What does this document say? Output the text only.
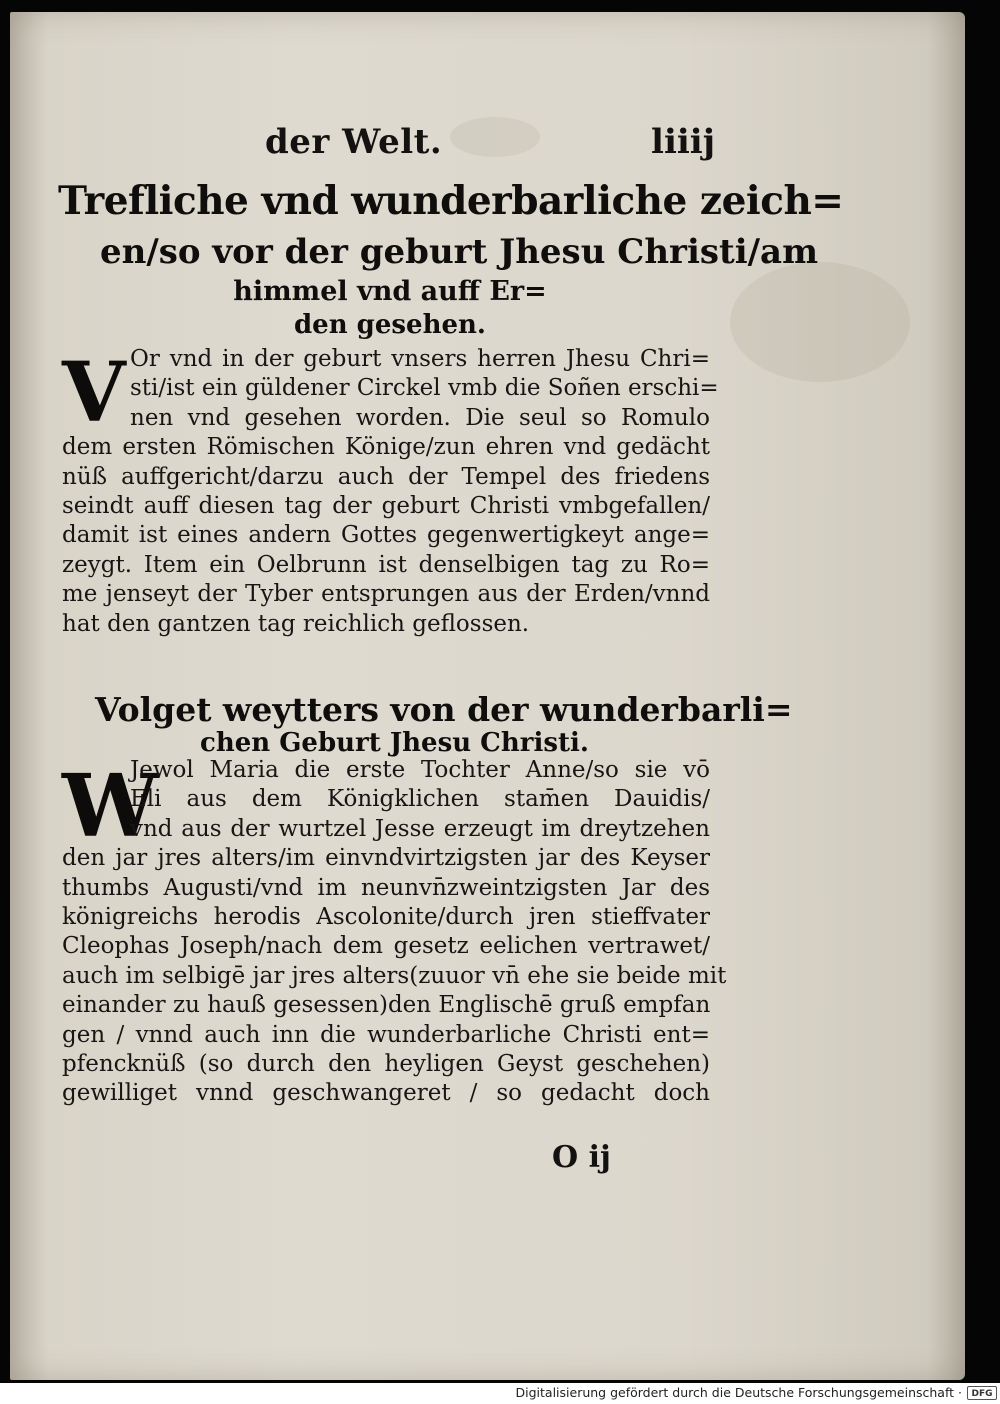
der Welt.	liiij
Trefliche vnd wunderbarliche zeich=
en/so vor der geburt Jhesu Christi/am
himmel vnd auff Er=
den gesehen.
V Or vnd in der geburt vnsers herren Jhesu Chri=
sti/ist ein güldener Circkel vmb die Soñen erschi=
nen vnd gesehen worden. Die seul so Romulo
dem ersten Römischen Könige/zun ehren vnd gedächt
nüß auffgericht/darzu auch der Tempel des friedens
seindt auff diesen tag der geburt Christi vmbgefallen/
damit ist eines andern Gottes gegenwertigkeyt ange=
zeygt. Item ein Oelbrunn ist denselbigen tag zu Ro=
me jenseyt der Tyber entsprungen aus der Erden/vnnd
hat den gantzen tag reichlich geflossen.
Volget weytters von der wunderbarli=
chen Geburt Jhesu Christi.
W
Jewol Maria die erste Tochter Anne/so sie vō
Eli aus dem Königklichen stam̄en Dauidis/
vnd aus der wurtzel Jesse erzeugt im dreytzehen
den jar jres alters/im einvndvirtzigsten jar des Keyser
thumbs Augusti/vnd im neunvn̄zweintzigsten Jar des
königreichs herodis Ascolonite/durch jren stieffvater
Cleophas Joseph/nach dem gesetz eelichen vertrawet/
auch im selbigē jar jres alters(zuuor vn̄ ehe sie beide mit
einander zu hauß gesessen)den Englischē gruß empfan
gen / vnnd auch inn die wunderbarliche Christi ent=
pfencknüß (so durch den heyligen Geyst geschehen)
gewilliget vnnd geschwangeret / so gedacht doch
O ij
Digitalisierung gefördert durch die Deutsche Forschungsgemeinschaft ·	DFG
